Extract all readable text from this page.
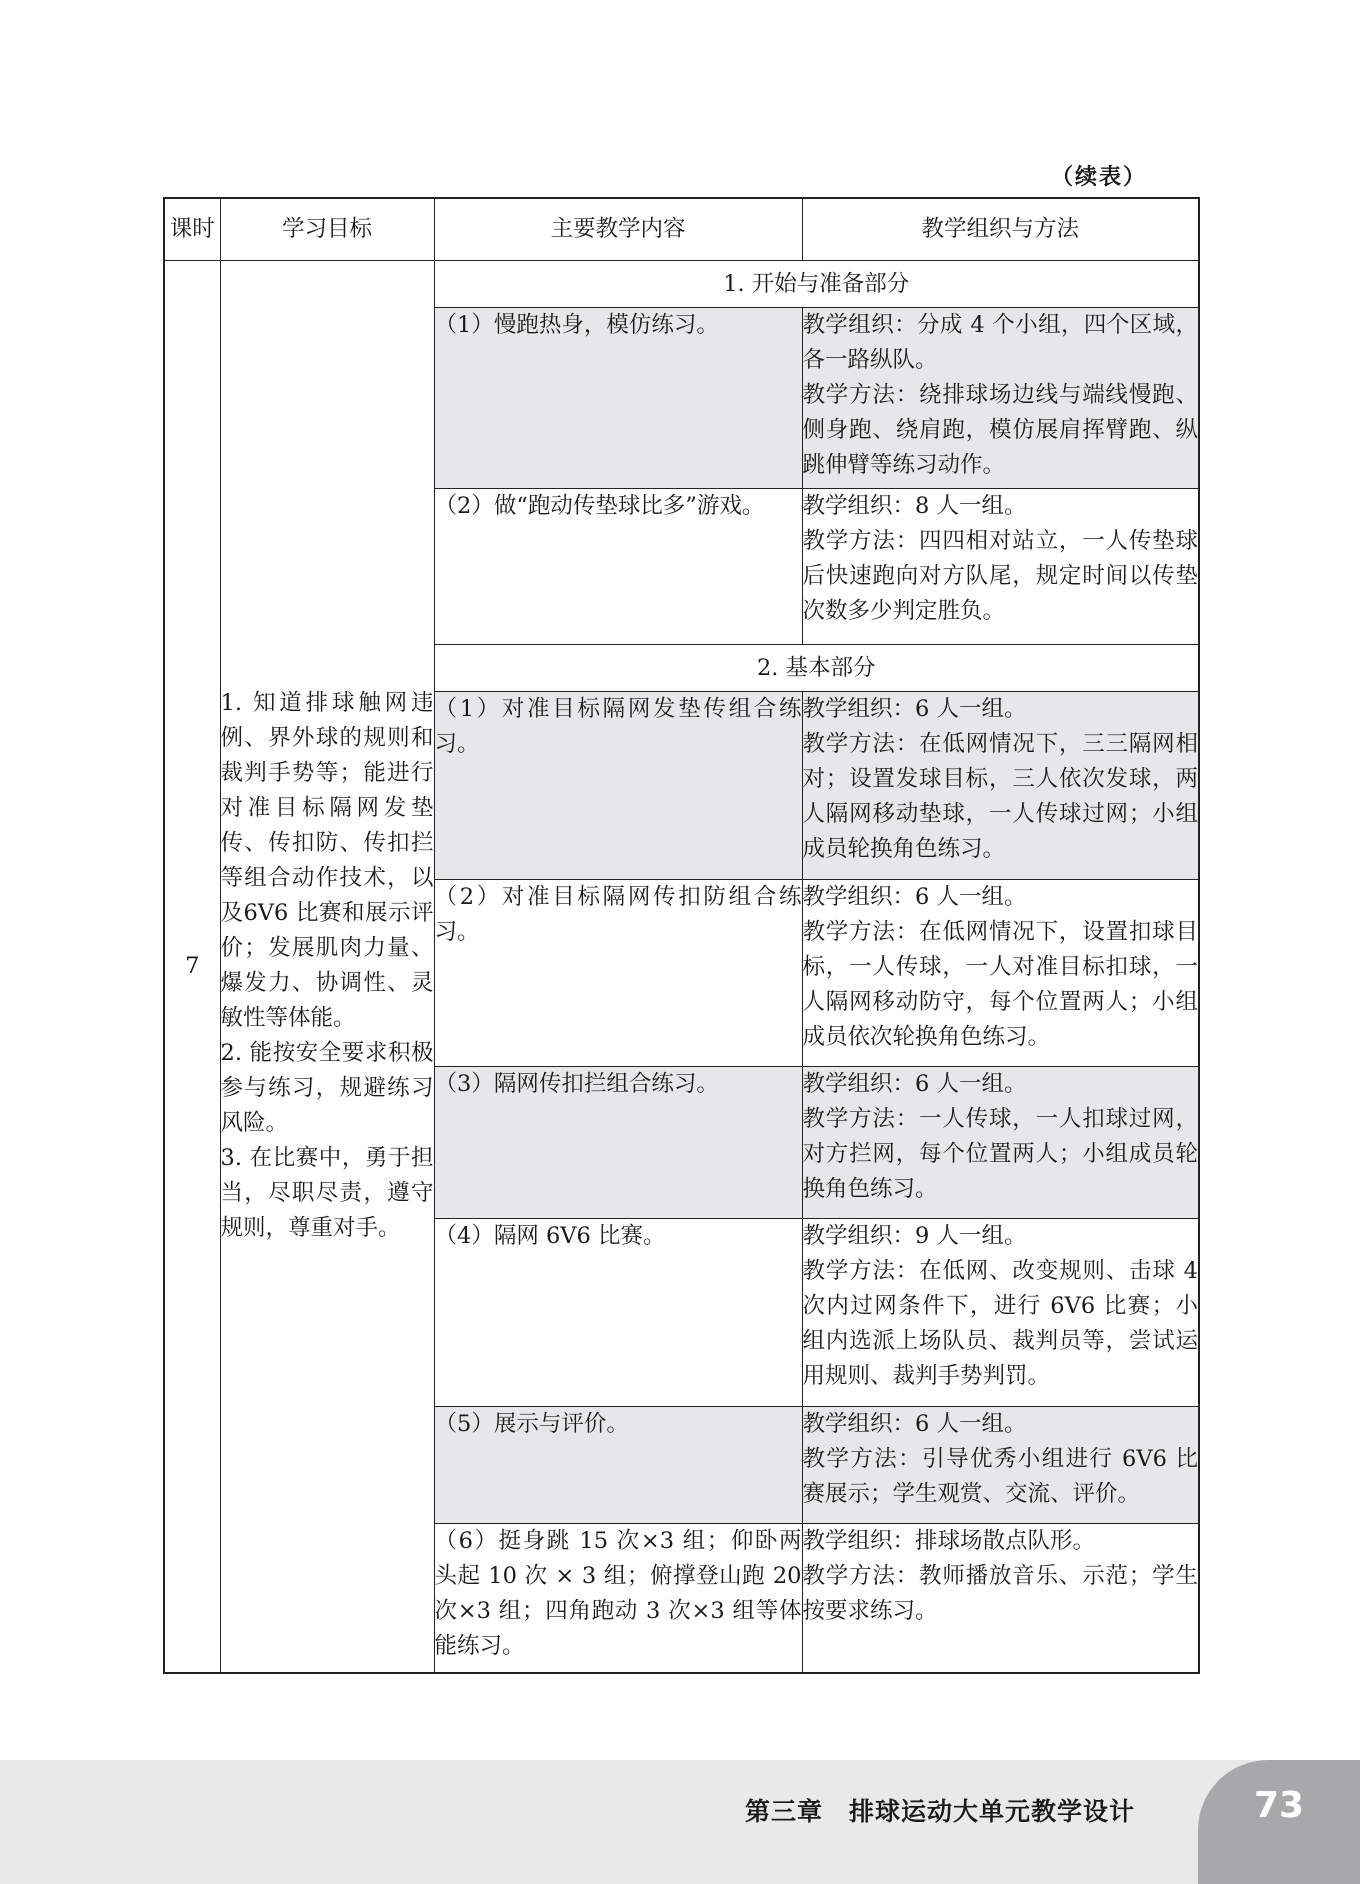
（续表）
课时	学习目标	主要教学内容	教学组织与方法
7	1. 知道排球触网违例、界外球的规则和裁判手势等；能进行对准目标隔网发垫传、传扣防、传扣拦等组合动作技术，以及6V6 比赛和展示评价；发展肌肉力量、爆发力、协调性、灵敏性等体能。
2. 能按安全要求积极参与练习，规避练习风险。
3. 在比赛中，勇于担当，尽职尽责，遵守规则，尊重对手。	1. 开始与准备部分	
		（1）慢跑热身，模仿练习。	教学组织：分成 4 个小组，四个区域，各一路纵队。
教学方法：绕排球场边线与端线慢跑、侧身跑、绕肩跑，模仿展肩挥臂跑、纵跳伸臂等练习动作。
		（2）做“跑动传垫球比多”游戏。	教学组织：8 人一组。
教学方法：四四相对站立，一人传垫球后快速跑向对方队尾，规定时间以传垫次数多少判定胜负。
		2. 基本部分	
		（1）对准目标隔网发垫传组合练习。	教学组织：6 人一组。
教学方法：在低网情况下，三三隔网相对；设置发球目标，三人依次发球，两人隔网移动垫球，一人传球过网；小组成员轮换角色练习。
		（2）对准目标隔网传扣防组合练习。	教学组织：6 人一组。
教学方法：在低网情况下，设置扣球目标，一人传球，一人对准目标扣球，一人隔网移动防守，每个位置两人；小组成员依次轮换角色练习。
		（3）隔网传扣拦组合练习。	教学组织：6 人一组。
教学方法：一人传球，一人扣球过网，对方拦网，每个位置两人；小组成员轮换角色练习。
		（4）隔网 6V6 比赛。	教学组织：9 人一组。
教学方法：在低网、改变规则、击球 4 次内过网条件下，进行 6V6 比赛；小组内选派上场队员、裁判员等，尝试运用规则、裁判手势判罚。
		（5）展示与评价。	教学组织：6 人一组。
教学方法：引导优秀小组进行 6V6 比赛展示；学生观赏、交流、评价。
		（6）挺身跳 15 次×3 组；仰卧两头起 10 次 × 3 组；俯撑登山跑 20 次×3 组；四角跑动 3 次×3 组等体能练习。	教学组织：排球场散点队形。
教学方法：教师播放音乐、示范；学生按要求练习。
第三章　排球运动大单元教学设计	73
